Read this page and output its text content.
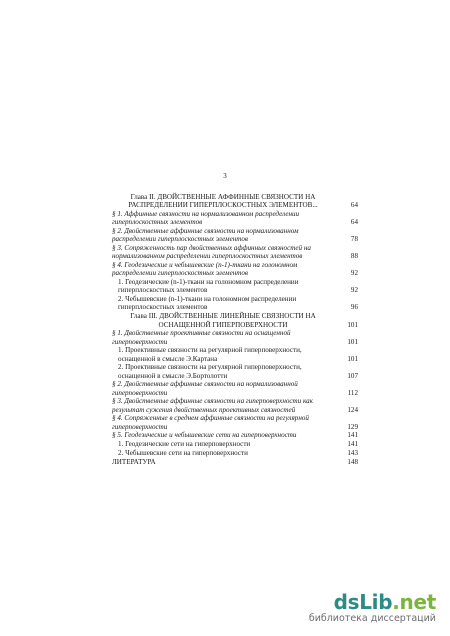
3
Глава II. ДВОЙСТВЕННЫЕ АФФИННЫЕ СВЯЗНОСТИ НА РАСПРЕДЕЛЕНИИ ГИПЕРПЛОСКОСТНЫХ ЭЛЕМЕНТОВ...	64
§ 1. Аффинные связности на нормализованном распределении гиперплоскостных элементов	64
§ 2. Двойственные аффинные связности на нормализованном распределении гиперплоскостных элементов	78
§ 3. Сопряженность пар двойственных аффинных связностей на нормализованном распределении гиперплоскостных элементов	88
§ 4. Геодезические и чебышевские (n-1)-ткани на голономном распределении гиперплоскостных элементов	92
1. Геодезические (n-1)-ткани на голономном распределении гиперплоскостных элементов	92
2. Чебышевские (n-1)-ткани на голономном распределении гиперплоскостных элементов	96
Глава III. ДВОЙСТВЕННЫЕ ЛИНЕЙНЫЕ СВЯЗНОСТИ НА ОСНАЩЕННОЙ ГИПЕРПОВЕРХНОСТИ	101
§ 1. Двойственные проективные связности на оснащенной гиперповерхности	101
1. Проективные связности на регулярной гиперповерхности, оснащенной в смысле Э.Картана	101
2. Проективные связности на регулярной гиперповерхности, оснащенной в смысле Э.Бортолотти	107
§ 2. Двойственные аффинные связности на нормализованной гиперповерхности	112
§ 3. Двойственные аффинные связности на гиперповерхности как результат сужения двойственных проективных связностей	124
§ 4. Сопряженные в среднем аффинные связности на регулярной гиперповерхности	129
§ 5. Геодезические и чебышевские сети на гиперповерхности	141
1. Геодезические сети на гиперповерхности	141
2. Чебышевские сети на гиперповерхности	143
ЛИТЕРАТУРА	148
dsLib.net
библиотека диссертаций
